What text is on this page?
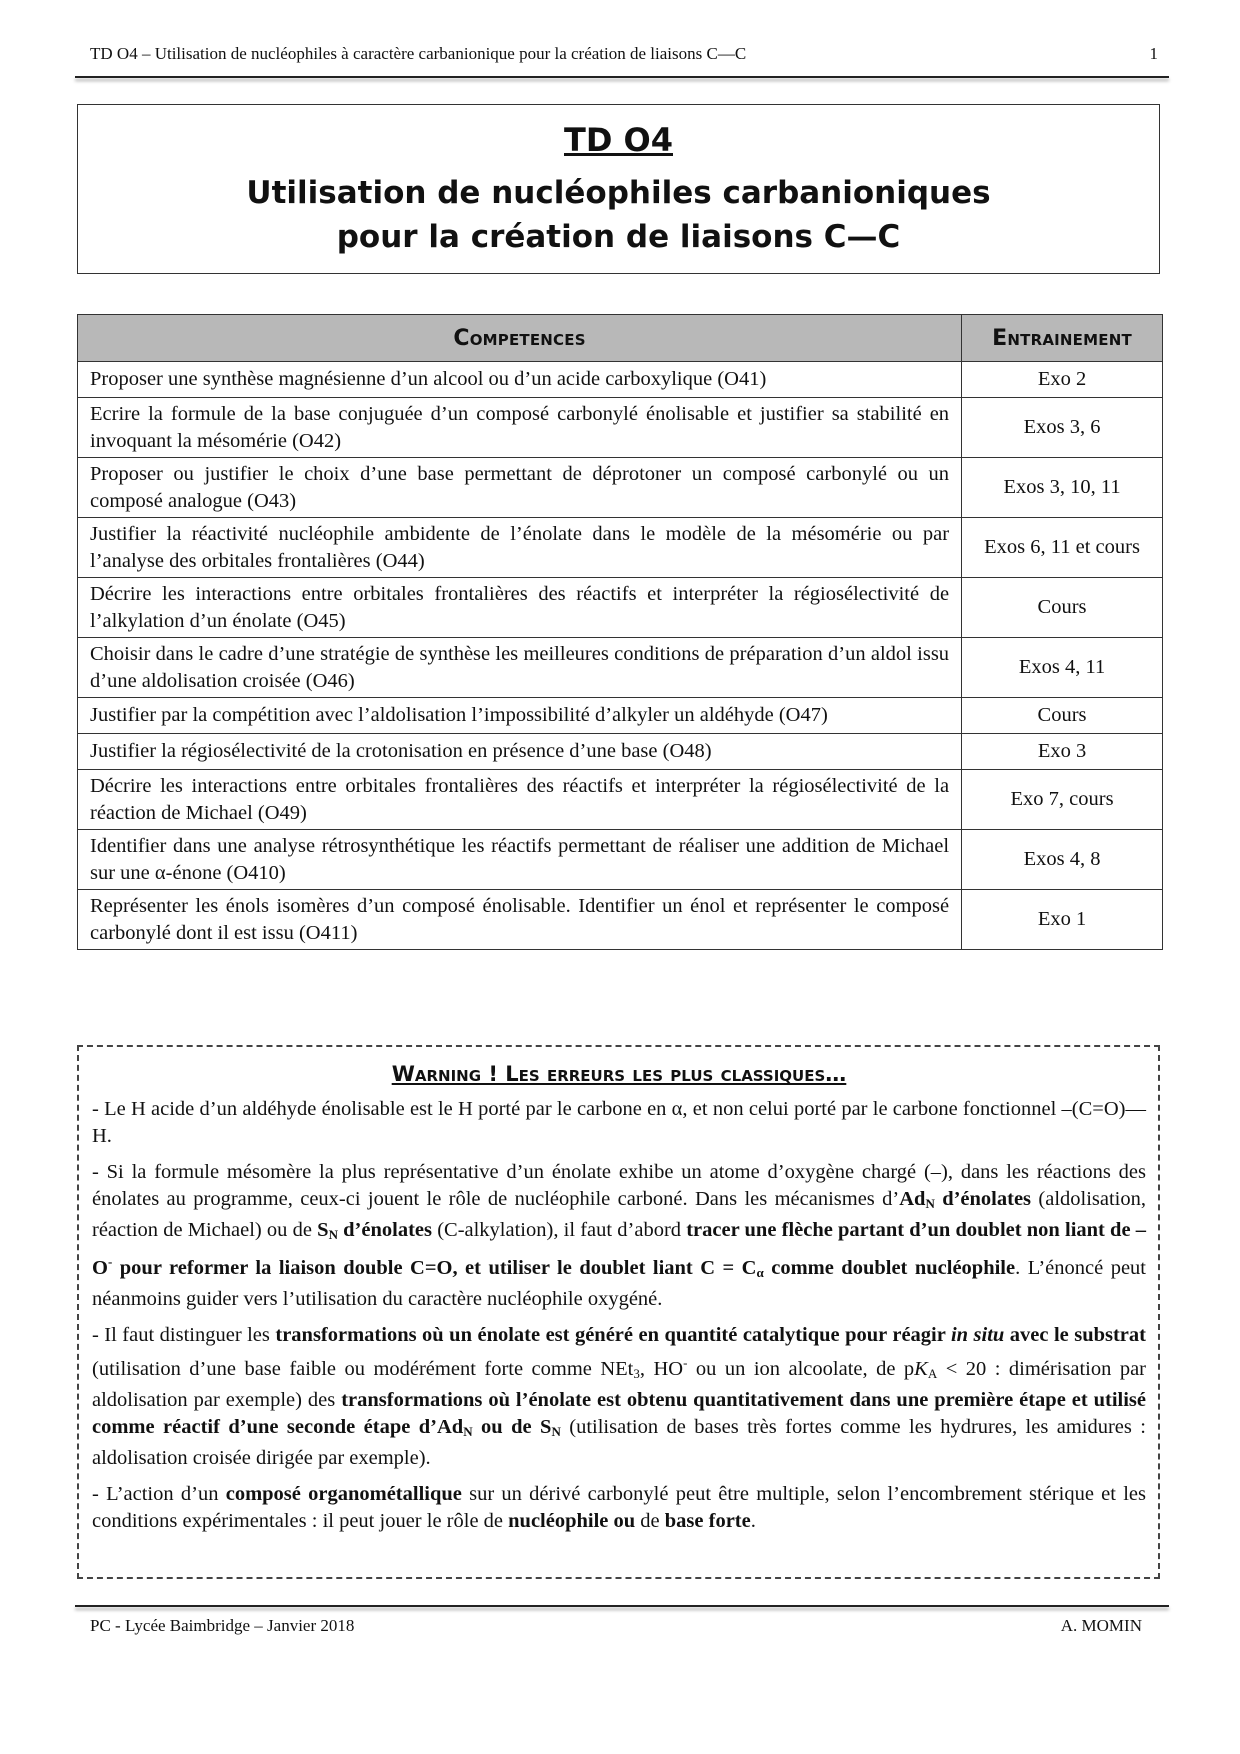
TD O4 – Utilisation de nucléophiles à caractère carbanionique pour la création de liaisons C—C	1
TD O4
Utilisation de nucléophiles carbanioniques
pour la création de liaisons C—C
Competences	Entrainement
Proposer une synthèse magnésienne d’un alcool ou d’un acide carboxylique (O41)	Exo 2
Ecrire la formule de la base conjuguée d’un composé carbonylé énolisable et justifier sa stabilité en invoquant la mésomérie (O42)	Exos 3, 6
Proposer ou justifier le choix d’une base permettant de déprotoner un composé carbonylé ou un composé analogue (O43)	Exos 3, 10, 11
Justifier la réactivité nucléophile ambidente de l’énolate dans le modèle de la mésomérie ou par l’analyse des orbitales frontalières (O44)	Exos 6, 11 et cours
Décrire les interactions entre orbitales frontalières des réactifs et interpréter la régiosélectivité de l’alkylation d’un énolate (O45)	Cours
Choisir dans le cadre d’une stratégie de synthèse les meilleures conditions de préparation d’un aldol issu d’une aldolisation croisée (O46)	Exos 4, 11
Justifier par la compétition avec l’aldolisation l’impossibilité d’alkyler un aldéhyde (O47)	Cours
Justifier la régiosélectivité de la crotonisation en présence d’une base (O48)	Exo 3
Décrire les interactions entre orbitales frontalières des réactifs et interpréter la régiosélectivité de la réaction de Michael (O49)	Exo 7, cours
Identifier dans une analyse rétrosynthétique les réactifs permettant de réaliser une addition de Michael sur une α-énone (O410)	Exos 4, 8
Représenter les énols isomères d’un composé énolisable. Identifier un énol et représenter le composé carbonylé dont il est issu (O411)	Exo 1
Warning ! Les erreurs les plus classiques…

- Le H acide d’un aldéhyde énolisable est le H porté par le carbone en α, et non celui porté par le carbone fonctionnel –(C=O)—H.

- Si la formule mésomère la plus représentative d’un énolate exhibe un atome d’oxygène chargé (–), dans les réactions des énolates au programme, ceux-ci jouent le rôle de nucléophile carboné. Dans les mécanismes $d’Ad_N$ d’énolates (aldolisation, réaction de Michael) ou de $S_N$ d’énolates (C-alkylation), il faut d’abord tracer une flèche partant d’un doublet non liant de –O- pour reformer la liaison double C=O, et utiliser le doublet liant $C = C_\alpha$ comme doublet nucléophile. L’énoncé peut néanmoins guider vers l’utilisation du caractère nucléophile oxygéné.

- Il faut distinguer les transformations où un énolate est généré en quantité catalytique pour réagir in situ avec le substrat (utilisation d’une base faible ou modérément forte comme NEt$_3$, HO- ou un ion alcoolate, de $pK_A < 20$ : dimérisation par aldolisation par exemple) des transformations où l’énolate est obtenu quantitativement dans une première étape et utilisé comme réactif d’une seconde étape $d’Ad_N$ ou de $S_N$ (utilisation de bases très fortes comme les hydrures, les amidures : aldolisation croisée dirigée par exemple).

- L’action d’un composé organométallique sur un dérivé carbonylé peut être multiple, selon l’encombrement stérique et les conditions expérimentales : il peut jouer le rôle de nucléophile ou de base forte.

PC - Lycée Baimbridge – Janvier 2018	A. MOMIN
